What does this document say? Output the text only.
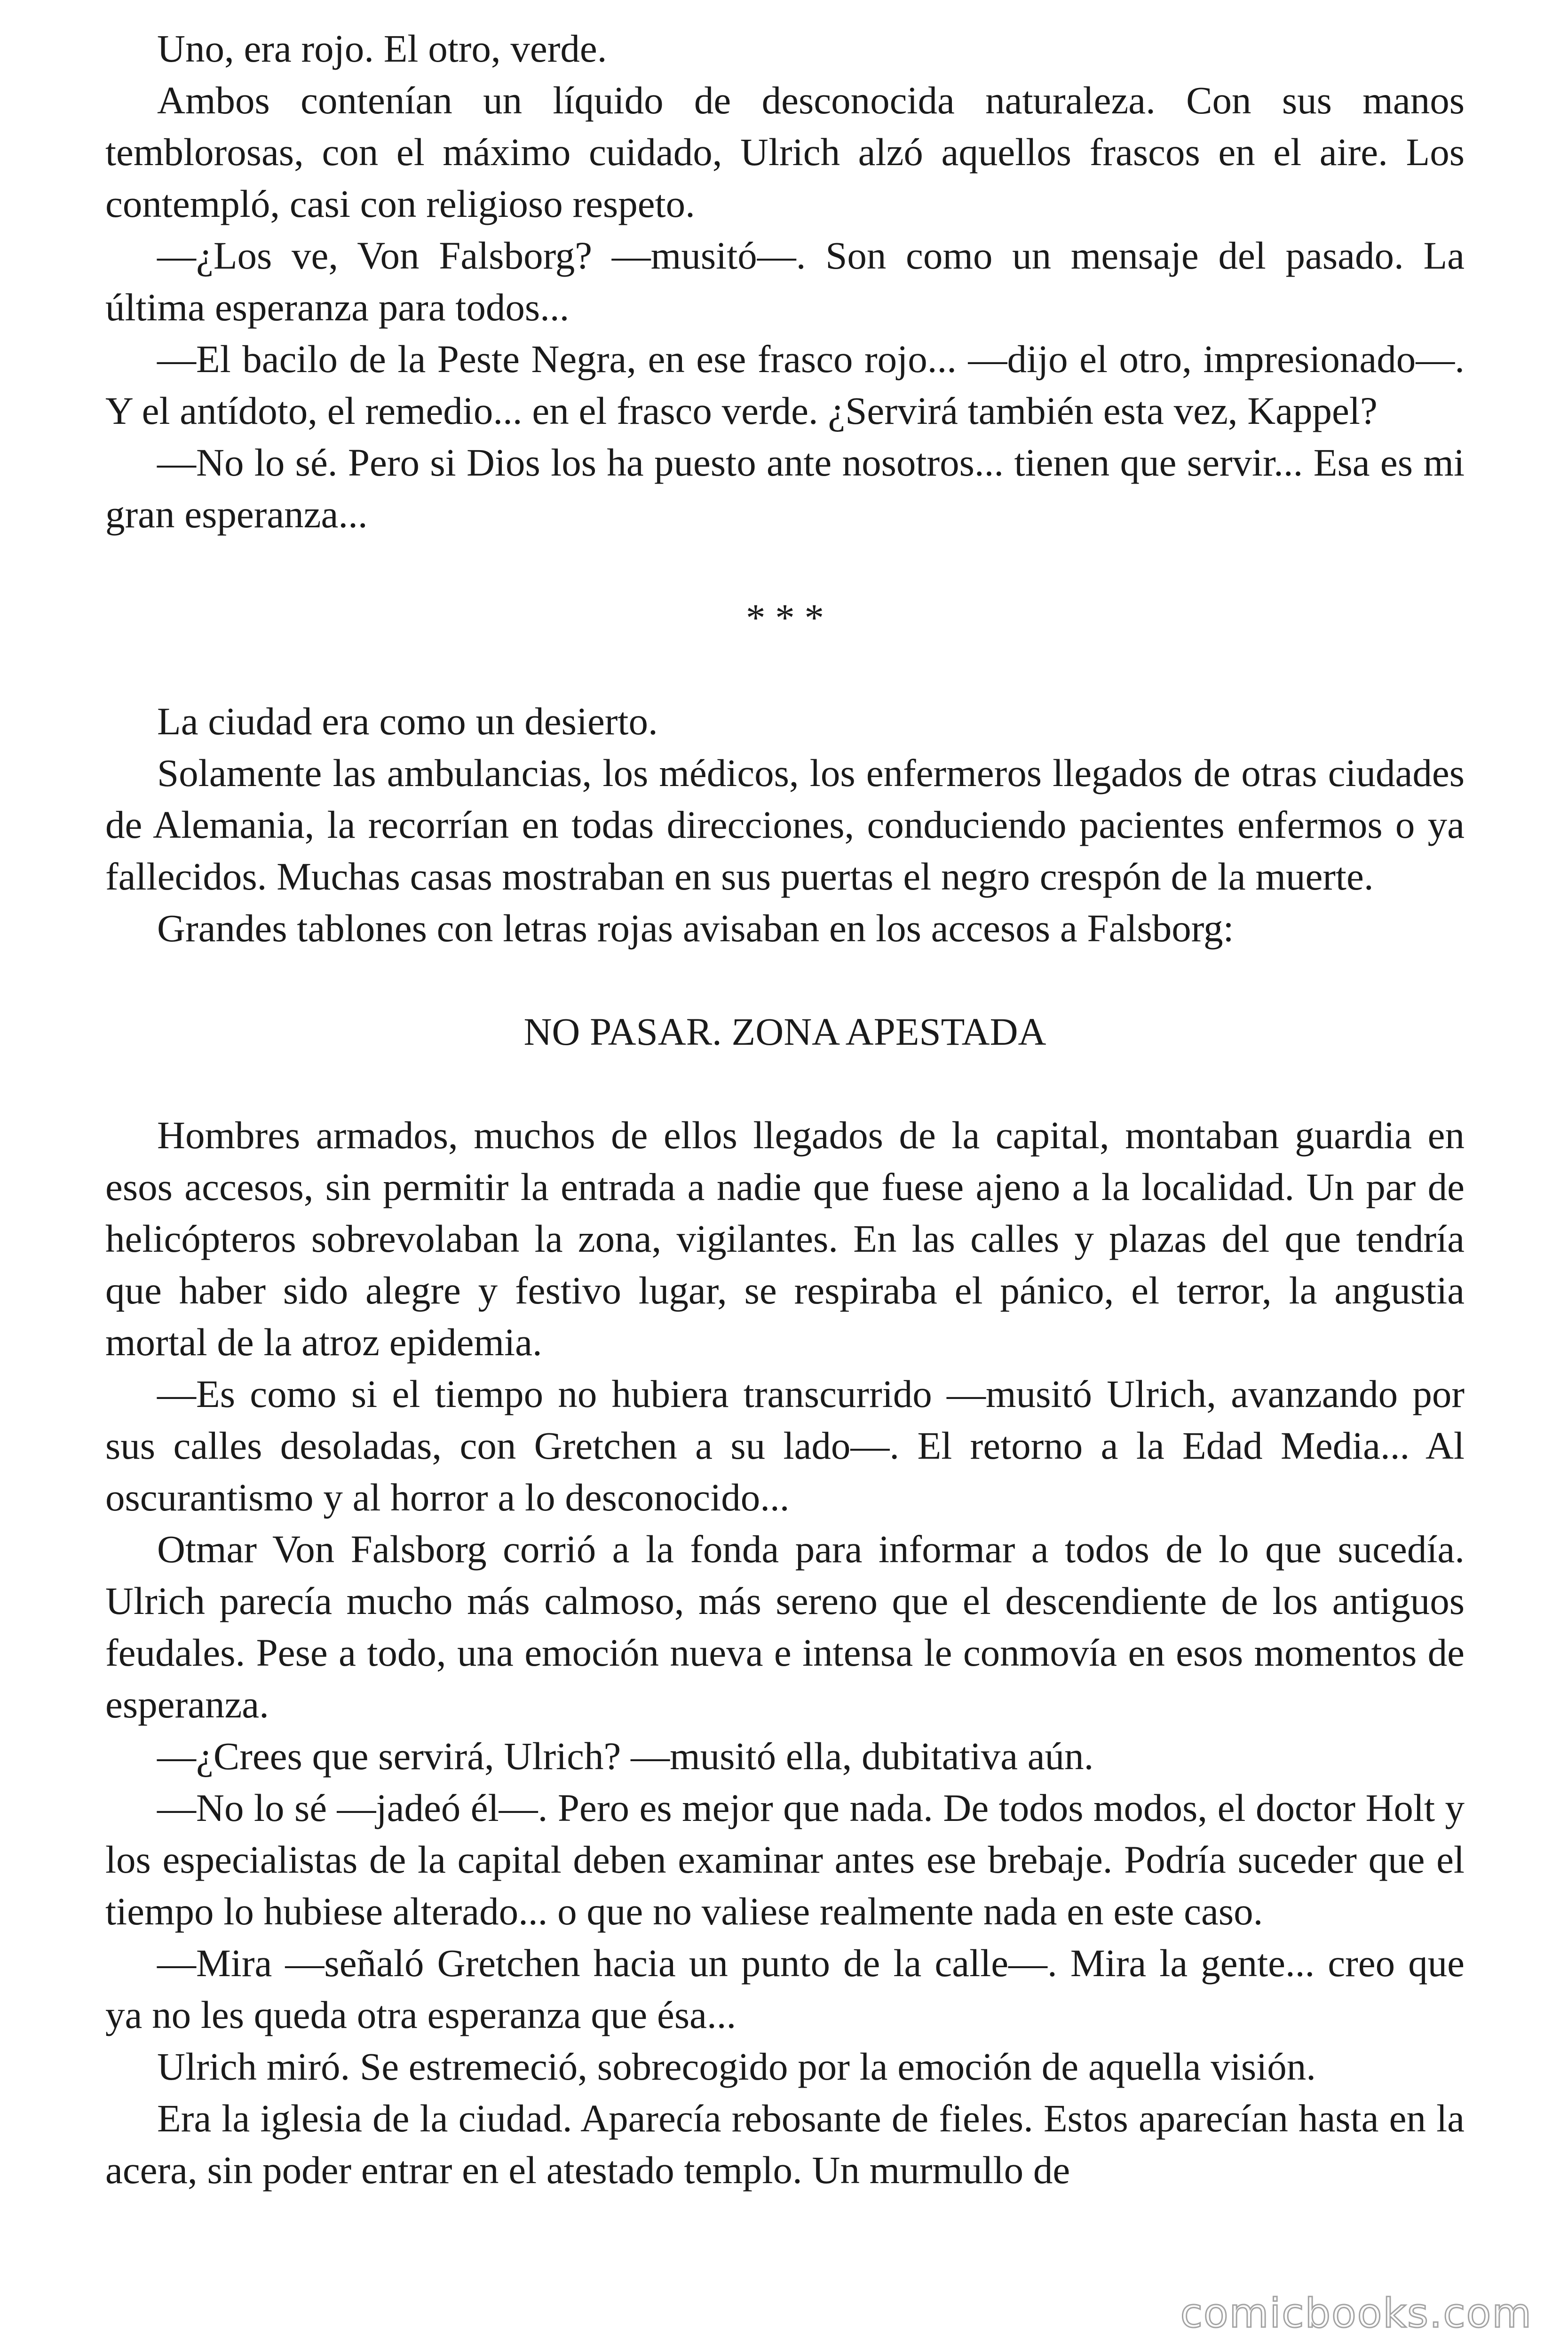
Uno, era rojo. El otro, verde.

Ambos contenían un líquido de desconocida naturaleza. Con sus manos temblorosas, con el máximo cuidado, Ulrich alzó aquellos frascos en el aire. Los contempló, casi con religioso respeto.

—¿Los ve, Von Falsborg? —musitó—. Son como un mensaje del pasado. La última esperanza para todos...

—El bacilo de la Peste Negra, en ese frasco rojo... —dijo el otro, impresionado—. Y el antídoto, el remedio... en el frasco verde. ¿Servirá también esta vez, Kappel?

—No lo sé. Pero si Dios los ha puesto ante nosotros... tienen que servir... Esa es mi gran esperanza...

* * *

La ciudad era como un desierto.

Solamente las ambulancias, los médicos, los enfermeros llegados de otras ciudades de Alemania, la recorrían en todas direcciones, conduciendo pacientes enfermos o ya fallecidos. Muchas casas mostraban en sus puertas el negro crespón de la muerte.

Grandes tablones con letras rojas avisaban en los accesos a Falsborg:

NO PASAR. ZONA APESTADA

Hombres armados, muchos de ellos llegados de la capital, montaban guardia en esos accesos, sin permitir la entrada a nadie que fuese ajeno a la localidad. Un par de helicópteros sobrevolaban la zona, vigilantes. En las calles y plazas del que tendría que haber sido alegre y festivo lugar, se respiraba el pánico, el terror, la angustia mortal de la atroz epidemia.

—Es como si el tiempo no hubiera transcurrido —musitó Ulrich, avanzando por sus calles desoladas, con Gretchen a su lado—. El retorno a la Edad Media... Al oscurantismo y al horror a lo desconocido...

Otmar Von Falsborg corrió a la fonda para informar a todos de lo que sucedía. Ulrich parecía mucho más calmoso, más sereno que el descendiente de los antiguos feudales. Pese a todo, una emoción nueva e intensa le conmovía en esos momentos de esperanza.

—¿Crees que servirá, Ulrich? —musitó ella, dubitativa aún.

—No lo sé —jadeó él—. Pero es mejor que nada. De todos modos, el doctor Holt y los especialistas de la capital deben examinar antes ese brebaje. Podría suceder que el tiempo lo hubiese alterado... o que no valiese realmente nada en este caso.

—Mira —señaló Gretchen hacia un punto de la calle—. Mira la gente... creo que ya no les queda otra esperanza que ésa...

Ulrich miró. Se estremeció, sobrecogido por la emoción de aquella visión.

Era la iglesia de la ciudad. Aparecía rebosante de fieles. Estos aparecían hasta en la acera, sin poder entrar en el atestado templo. Un murmullo de

comicbooks.com
